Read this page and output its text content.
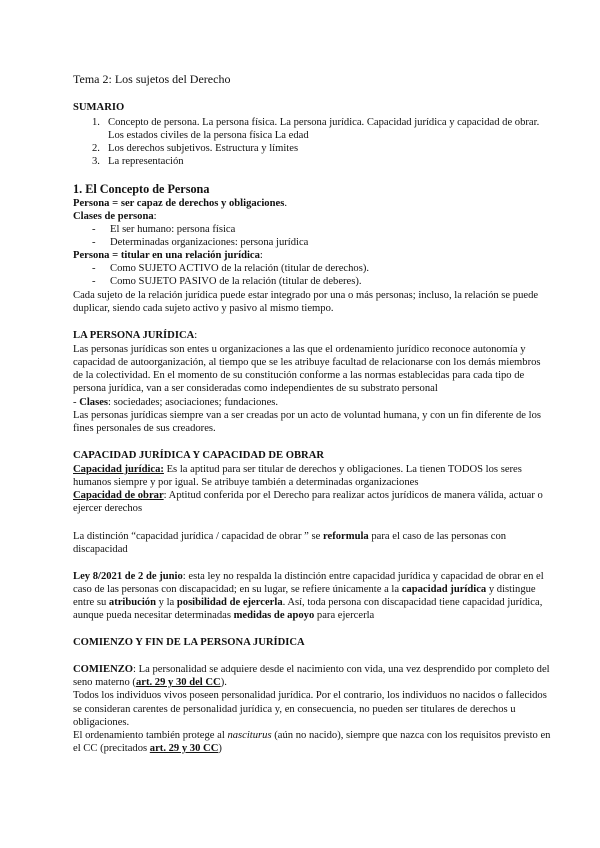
Tema 2: Los sujetos del Derecho
SUMARIO
1. Concepto de persona. La persona física. La persona jurídica. Capacidad jurídica y capacidad de obrar.
Los estados civiles de la persona física La edad
2. Los derechos subjetivos. Estructura y límites
3. La representación
1. El Concepto de Persona
Persona = ser capaz de derechos y obligaciones.
Clases de persona:
- El ser humano: persona física
- Determinadas organizaciones: persona jurídica
Persona = titular en una relación jurídica:
- Como SUJETO ACTIVO de la relación (titular de derechos).
- Como SUJETO PASIVO de la relación (titular de deberes).
Cada sujeto de la relación jurídica puede estar integrado por una o más personas; incluso, la relación se puede
duplicar, siendo cada sujeto activo y pasivo al mismo tiempo.
LA PERSONA JURÍDICA:
Las personas jurídicas son entes u organizaciones a las que el ordenamiento jurídico reconoce autonomía y
capacidad de autoorganización, al tiempo que se les atribuye facultad de relacionarse con los demás miembros
de la colectividad. En el momento de su constitución conforme a las normas establecidas para cada tipo de
persona jurídica, van a ser consideradas como independientes de su substrato personal
- Clases: sociedades; asociaciones; fundaciones.
Las personas jurídicas siempre van a ser creadas por un acto de voluntad humana, y con un fin diferente de los
fines personales de sus creadores.
CAPACIDAD JURÍDICA Y CAPACIDAD DE OBRAR
Capacidad jurídica: Es la aptitud para ser titular de derechos y obligaciones. La tienen TODOS los seres
humanos siempre y por igual. Se atribuye también a determinadas organizaciones
Capacidad de obrar: Aptitud conferida por el Derecho para realizar actos jurídicos de manera válida, actuar o
ejercer derechos
La distinción “capacidad jurídica / capacidad de obrar ” se reformula para el caso de las personas con
discapacidad
Ley 8/2021 de 2 de junio: esta ley no respalda la distinción entre capacidad jurídica y capacidad de obrar en el
caso de las personas con discapacidad; en su lugar, se refiere únicamente a la capacidad jurídica y distingue
entre su atribución y la posibilidad de ejercerla. Así, toda persona con discapacidad tiene capacidad jurídica,
aunque pueda necesitar determinadas medidas de apoyo para ejercerla
COMIENZO Y FIN DE LA PERSONA JURÍDICA
COMIENZO: La personalidad se adquiere desde el nacimiento con vida, una vez desprendido por completo del
seno materno (art. 29 y 30 del CC).
Todos los individuos vivos poseen personalidad jurídica. Por el contrario, los individuos no nacidos o fallecidos
se consideran carentes de personalidad jurídica y, en consecuencia, no pueden ser titulares de derechos u
obligaciones.
El ordenamiento también protege al nasciturus (aún no nacido), siempre que nazca con los requisitos previsto en
el CC (precitados art. 29 y 30 CC)
